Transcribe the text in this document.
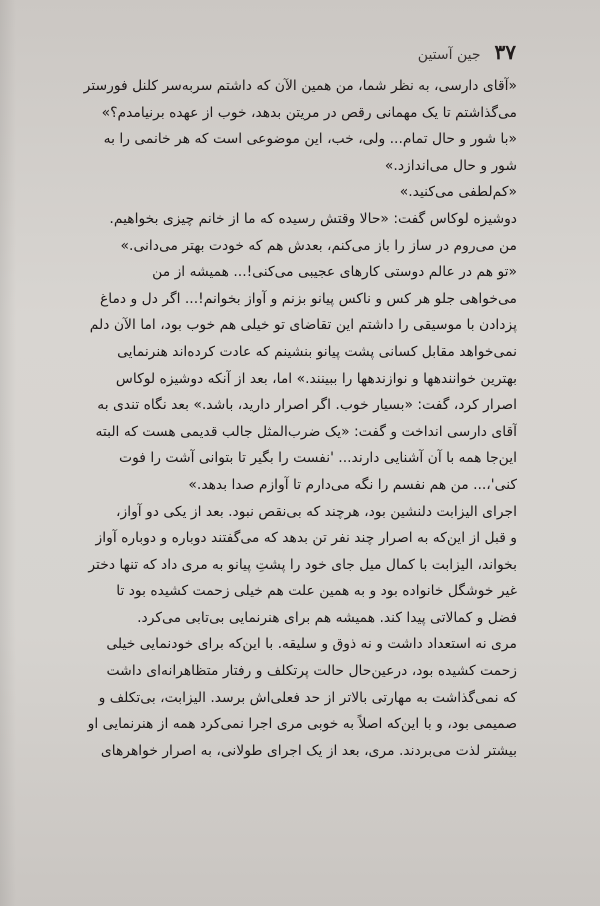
۳۷
جین آستین
«آقای دارسی، به نظر شما، من همین الآن که داشتم سربه‌سر کلنل فورستر
می‌گذاشتم تا یک مهمانی رقص در مریتن بدهد، خوب از عهده برنیامدم؟»
«با شور و حال تمام... ولی، خب، این موضوعی است که هر خانمی را به
شور و حال می‌اندازد.»
«کم‌لطفی می‌کنید.»
دوشیزه لوکاس گفت: «حالا وقتش رسیده که ما از خانم چیزی بخواهیم.
من می‌روم در ساز را باز می‌کنم، بعدش هم که خودت بهتر می‌دانی.»
«تو هم در عالم دوستی کارهای عجیبی می‌کنی!... همیشه از من
می‌خواهی جلو هر کس و ناکس پیانو بزنم و آواز بخوانم!... اگر دل و دماغ
پزدادن با موسیقی را داشتم این تقاضای تو خیلی هم خوب بود، اما الآن دلم
نمی‌خواهد مقابل کسانی پشت پیانو بنشینم که عادت کرده‌اند هنرنمایی
بهترین خوانندهها و نوازندهها را ببینند.» اما، بعد از آنکه دوشیزه لوکاس
اصرار کرد، گفت: «بسیار خوب. اگر اصرار دارید، باشد.» بعد نگاه تندی به
آقای دارسی انداخت و گفت: «یک ضرب‌المثل جالب قدیمی هست که البته
این‌جا همه با آن آشنایی دارند... 'نفست را بگیر تا بتوانی آشت را فوت
کنی'،... من هم نفسم را نگه می‌دارم تا آوازم صدا بدهد.»
اجرای الیزابت دلنشین بود، هرچند که بی‌نقص نبود. بعد از یکی دو آواز،
و قبل از این‌که به اصرار چند نفر تن بدهد که می‌گفتند دوباره و دوباره آواز
بخواند، الیزابت با کمال میل جای خود را پشتِ پیانو به مری داد که تنها دختر
غیر خوشگل خانواده بود و به همین علت هم خیلی زحمت کشیده بود تا
فضل و کمالاتی پیدا کند. همیشه هم برای هنرنمایی بی‌تابی می‌کرد.
مری نه استعداد داشت و نه ذوق و سلیقه. با این‌که برای خودنمایی خیلی
زحمت کشیده بود، درعین‌حال حالت پرتکلف و رفتار متظاهرانه‌ای داشت
که نمی‌گذاشت به مهارتی بالاتر از حد فعلی‌اش برسد. الیزابت، بی‌تکلف و
صمیمی بود، و با این‌که اصلاً به خوبی مری اجرا نمی‌کرد همه از هنرنمایی او
بیشتر لذت می‌بردند. مری، بعد از یک اجرای طولانی، به اصرار خواهرهای
